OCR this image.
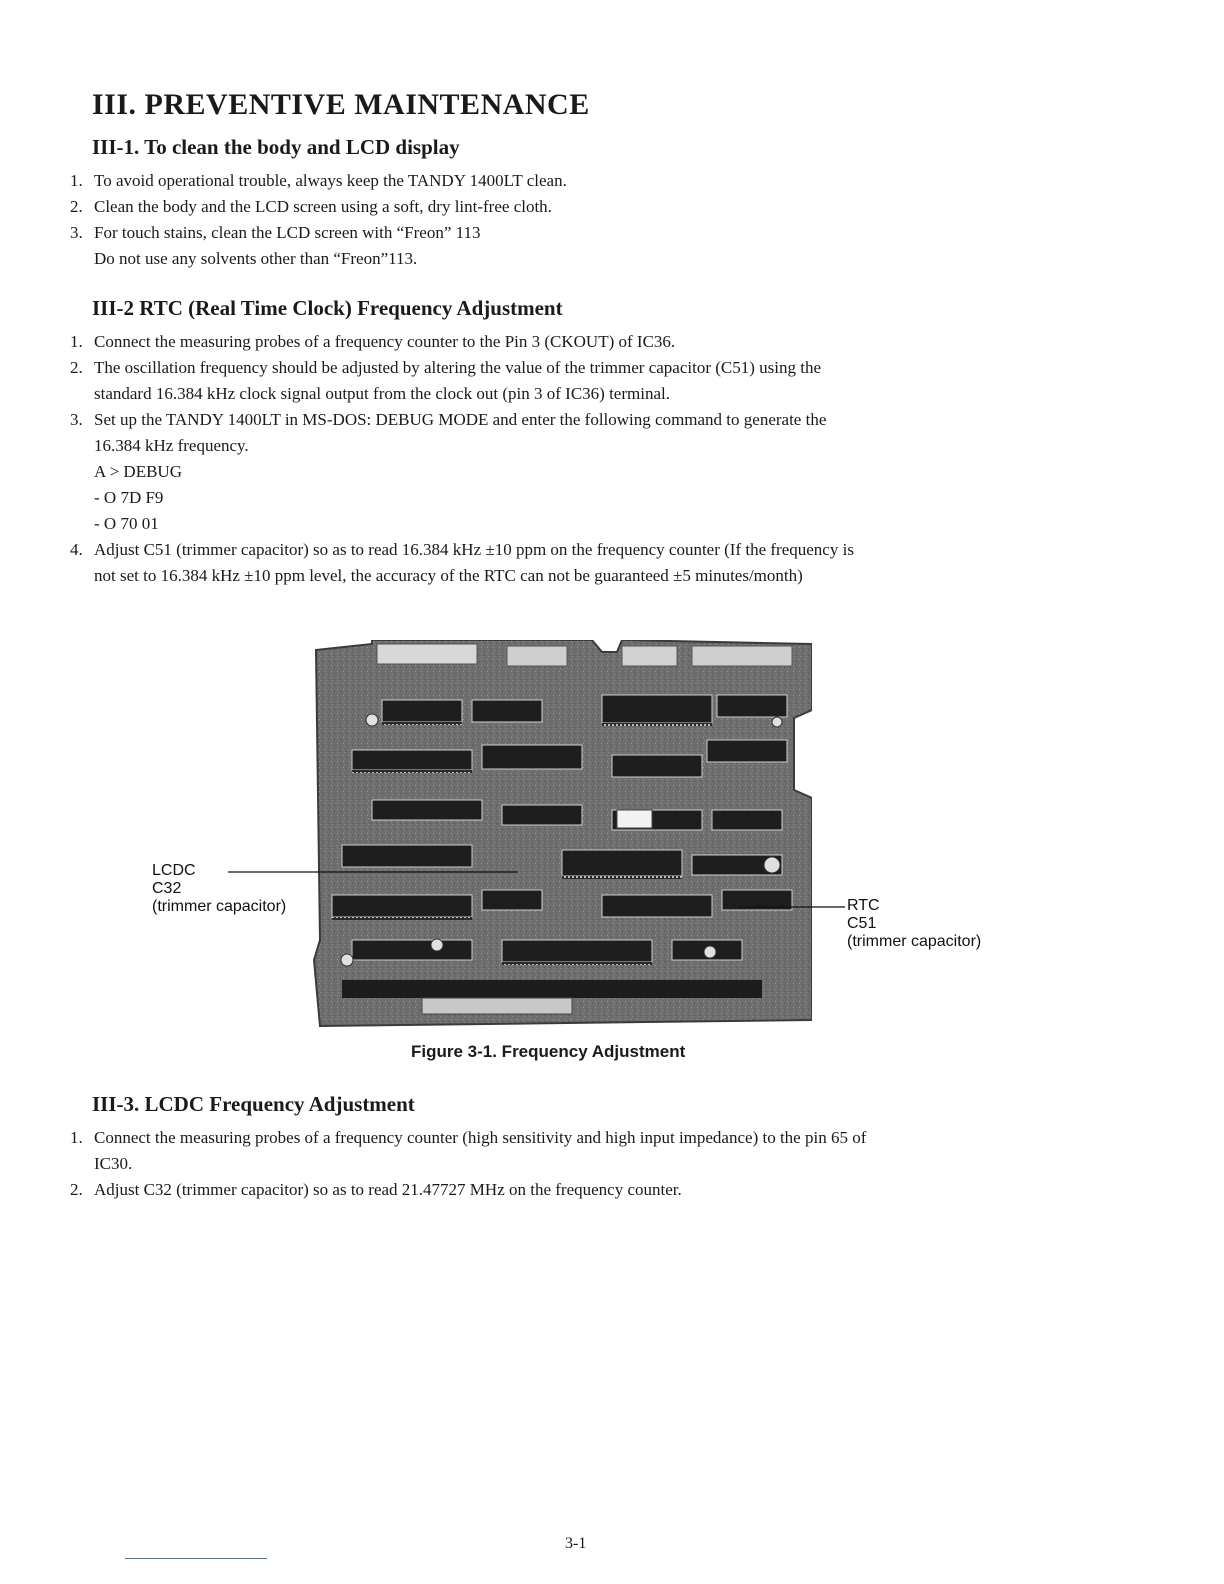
III. PREVENTIVE MAINTENANCE
III-1. To clean the body and LCD display
1. To avoid operational trouble, always keep the TANDY 1400LT clean.
2. Clean the body and the LCD screen using a soft, dry lint-free cloth.
3. For touch stains, clean the LCD screen with “Freon” 113
Do not use any solvents other than “Freon”113.
III-2 RTC (Real Time Clock) Frequency Adjustment
1. Connect the measuring probes of a frequency counter to the Pin 3 (CKOUT) of IC36.
2. The oscillation frequency should be adjusted by altering the value of the trimmer capacitor (C51) using the
standard 16.384 kHz clock signal output from the clock out (pin 3 of IC36) terminal.
3. Set up the TANDY 1400LT in MS-DOS: DEBUG MODE and enter the following command to generate the
16.384 kHz frequency.
A > DEBUG
- O 7D F9
- O 70 01
4. Adjust C51 (trimmer capacitor) so as to read 16.384 kHz ±10 ppm on the frequency counter (If the frequency is
not set to 16.384 kHz ±10 ppm level, the accuracy of the RTC can not be guaranteed ±5 minutes/month)
LCDC
C32
(trimmer capacitor)	RTC
C51
(trimmer capacitor)
Figure 3-1. Frequency Adjustment
III-3. LCDC Frequency Adjustment
1. Connect the measuring probes of a frequency counter (high sensitivity and high input impedance) to the pin 65 of
IC30.
2. Adjust C32 (trimmer capacitor) so as to read 21.47727 MHz on the frequency counter.
3-1
